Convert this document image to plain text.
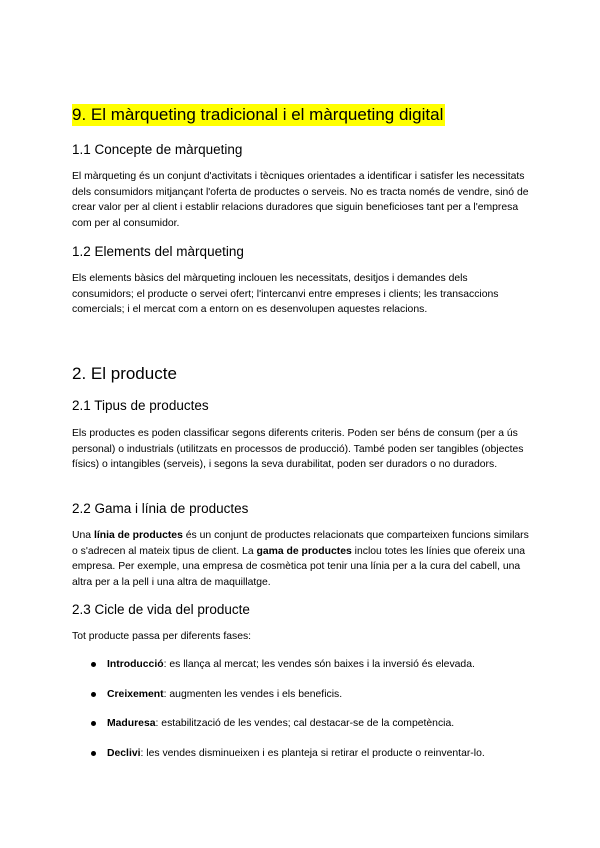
9. El màrqueting tradicional i el màrqueting digital
1.1 Concepte de màrqueting

El màrqueting és un conjunt d'activitats i tècniques orientades a identificar i satisfer les necessitats dels consumidors mitjançant l'oferta de productes o serveis. No es tracta només de vendre, sinó de crear valor per al client i establir relacions duradores que siguin beneficioses tant per a l'empresa com per al consumidor.

1.2 Elements del màrqueting

Els elements bàsics del màrqueting inclouen les necessitats, desitjos i demandes dels consumidors; el producte o servei ofert; l'intercanvi entre empreses i clients; les transaccions comercials; i el mercat com a entorn on es desenvolupen aquestes relacions.

2. El producte
2.1 Tipus de productes

Els productes es poden classificar segons diferents criteris. Poden ser béns de consum (per a ús personal) o industrials (utilitzats en processos de producció). També poden ser tangibles (objectes físics) o intangibles (serveis), i segons la seva durabilitat, poden ser duradors o no duradors.

2.2 Gama i línia de productes

Una línia de productes és un conjunt de productes relacionats que comparteixen funcions similars o s'adrecen al mateix tipus de client. La gama de productes inclou totes les línies que ofereix una empresa. Per exemple, una empresa de cosmètica pot tenir una línia per a la cura del cabell, una altra per a la pell i una altra de maquillatge.

2.3 Cicle de vida del producte

Tot producte passa per diferents fases:

Introducció: es llança al mercat; les vendes són baixes i la inversió és elevada.
Creixement: augmenten les vendes i els beneficis.
Maduresa: estabilització de les vendes; cal destacar-se de la competència.
Declivi: les vendes disminueixen i es planteja si retirar el producte o reinventar-lo.
